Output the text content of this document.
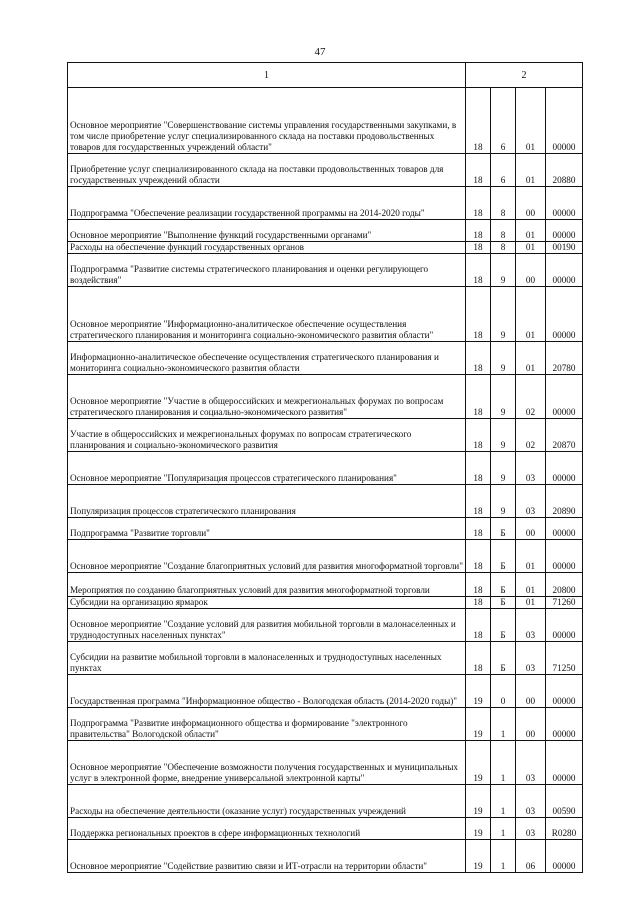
47
1	2			
Основное мероприятие "Совершенствование системы управления государственными закупками, в том числе приобретение услуг специализированного склада на поставки продовольственных товаров для государственных учреждений области"	18	6	01	00000
Приобретение услуг специализированного склада на поставки продовольственных товаров для государственных учреждений области	18	6	01	20880
Подпрограмма "Обеспечение реализации государственной программы на 2014-2020 годы"	18	8	00	00000
Основное мероприятие "Выполнение функций государственными органами"	18	8	01	00000
Расходы на обеспечение функций государственных органов	18	8	01	00190
Подпрограмма "Развитие системы стратегического планирования и оценки регулирующего воздействия"	18	9	00	00000
Основное мероприятие "Информационно-аналитическое обеспечение осуществления стратегического планирования и мониторинга социально-экономического развития области"	18	9	01	00000
Информационно-аналитическое обеспечение осуществления стратегического планирования и мониторинга социально-экономического развития области	18	9	01	20780
Основное мероприятие "Участие в общероссийских и межрегиональных форумах по вопросам стратегического планирования и социально-экономического развития"	18	9	02	00000
Участие в общероссийских и межрегиональных форумах по вопросам стратегического планирования и социально-экономического развития	18	9	02	20870
Основное мероприятие "Популяризация процессов стратегического планирования"	18	9	03	00000
Популяризация процессов стратегического планирования	18	9	03	20890
Подпрограмма "Развитие торговли"	18	Б	00	00000
Основное мероприятие "Создание благоприятных условий для развития многоформатной торговли"	18	Б	01	00000
Мероприятия по созданию благоприятных условий для развития многоформатной торговли	18	Б	01	20800
Субсидии на организацию ярмарок	18	Б	01	71260
Основное мероприятие "Создание условий для развития мобильной торговли в малонаселенных и труднодоступных населенных пунктах"	18	Б	03	00000
Субсидии на развитие мобильной торговли в малонаселенных и труднодоступных населенных пунктах	18	Б	03	71250
Государственная программа "Информационное общество - Вологодская область (2014-2020 годы)"	19	0	00	00000
Подпрограмма "Развитие информационного общества и формирование "электронного правительства" Вологодской области"	19	1	00	00000
Основное мероприятие "Обеспечение возможности получения государственных и муниципальных услуг в электронной форме, внедрение универсальной электронной карты"	19	1	03	00000
Расходы на обеспечение деятельности (оказание услуг) государственных учреждений	19	1	03	00590
Поддержка региональных проектов в сфере информационных технологий	19	1	03	R0280
Основное мероприятие "Содействие развитию связи и ИТ-отрасли на территории области"	19	1	06	00000
